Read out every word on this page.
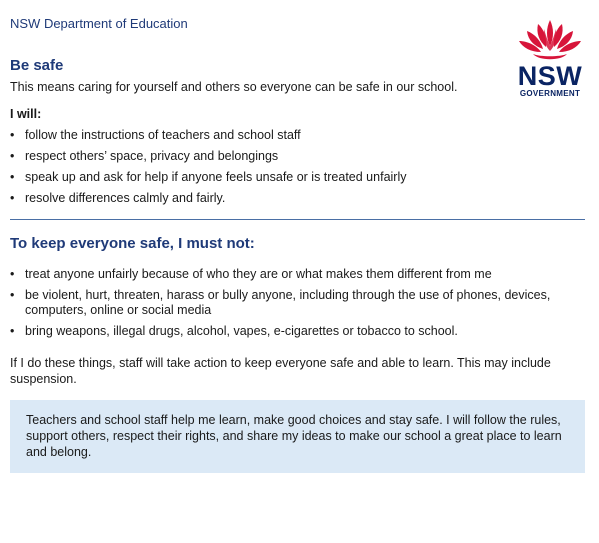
NSW Department of Education
NSW
GOVERNMENT
Be safe
This means caring for yourself and others so everyone can be safe in our school.
I will:
• follow the instructions of teachers and school staff
• respect others’ space, privacy and belongings
• speak up and ask for help if anyone feels unsafe or is treated unfairly
• resolve differences calmly and fairly.
To keep everyone safe, I must not:
• treat anyone unfairly because of who they are or what makes them different from me
• be violent, hurt, threaten, harass or bully anyone, including through the use of phones, devices, computers, online or social media
• bring weapons, illegal drugs, alcohol, vapes, e-cigarettes or tobacco to school.
If I do these things, staff will take action to keep everyone safe and able to learn. This may include suspension.
Teachers and school staff help me learn, make good choices and stay safe. I will follow the rules, support others, respect their rights, and share my ideas to make our school a great place to learn and belong.
